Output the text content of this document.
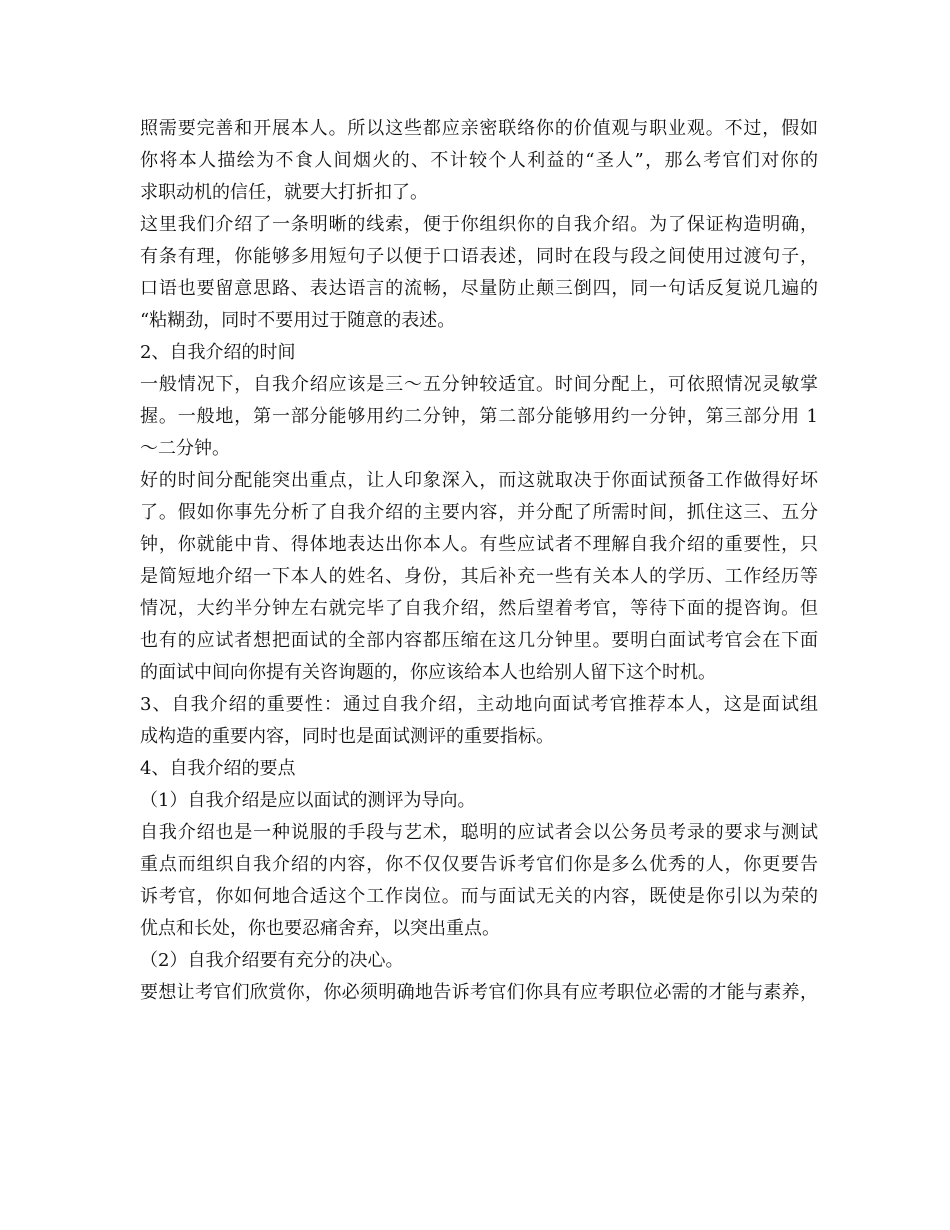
照需要完善和开展本人。所以这些都应亲密联络你的价值观与职业观。不过，假如
你将本人描绘为不食人间烟火的、不计较个人利益的“圣人”，那么考官们对你的
求职动机的信任，就要大打折扣了。
这里我们介绍了一条明晰的线索，便于你组织你的自我介绍。为了保证构造明确，
有条有理，你能够多用短句子以便于口语表述，同时在段与段之间使用过渡句子，
口语也要留意思路、表达语言的流畅，尽量防止颠三倒四，同一句话反复说几遍的
“粘糊劲，同时不要用过于随意的表述。
2、自我介绍的时间
一般情况下，自我介绍应该是三～五分钟较适宜。时间分配上，可依照情况灵敏掌
握。一般地，第一部分能够用约二分钟，第二部分能够用约一分钟，第三部分用 1
～二分钟。
好的时间分配能突出重点，让人印象深入，而这就取决于你面试预备工作做得好坏
了。假如你事先分析了自我介绍的主要内容，并分配了所需时间，抓住这三、五分
钟，你就能中肯、得体地表达出你本人。有些应试者不理解自我介绍的重要性，只
是简短地介绍一下本人的姓名、身份，其后补充一些有关本人的学历、工作经历等
情况，大约半分钟左右就完毕了自我介绍，然后望着考官，等待下面的提咨询。但
也有的应试者想把面试的全部内容都压缩在这几分钟里。要明白面试考官会在下面
的面试中间向你提有关咨询题的，你应该给本人也给别人留下这个时机。
3、自我介绍的重要性：通过自我介绍，主动地向面试考官推荐本人，这是面试组
成构造的重要内容，同时也是面试测评的重要指标。
4、自我介绍的要点
（1）自我介绍是应以面试的测评为导向。
自我介绍也是一种说服的手段与艺术，聪明的应试者会以公务员考录的要求与测试
重点而组织自我介绍的内容，你不仅仅要告诉考官们你是多么优秀的人，你更要告
诉考官，你如何地合适这个工作岗位。而与面试无关的内容，既使是你引以为荣的
优点和长处，你也要忍痛舍弃，以突出重点。
（2）自我介绍要有充分的决心。
要想让考官们欣赏你，你必须明确地告诉考官们你具有应考职位必需的才能与素养，
